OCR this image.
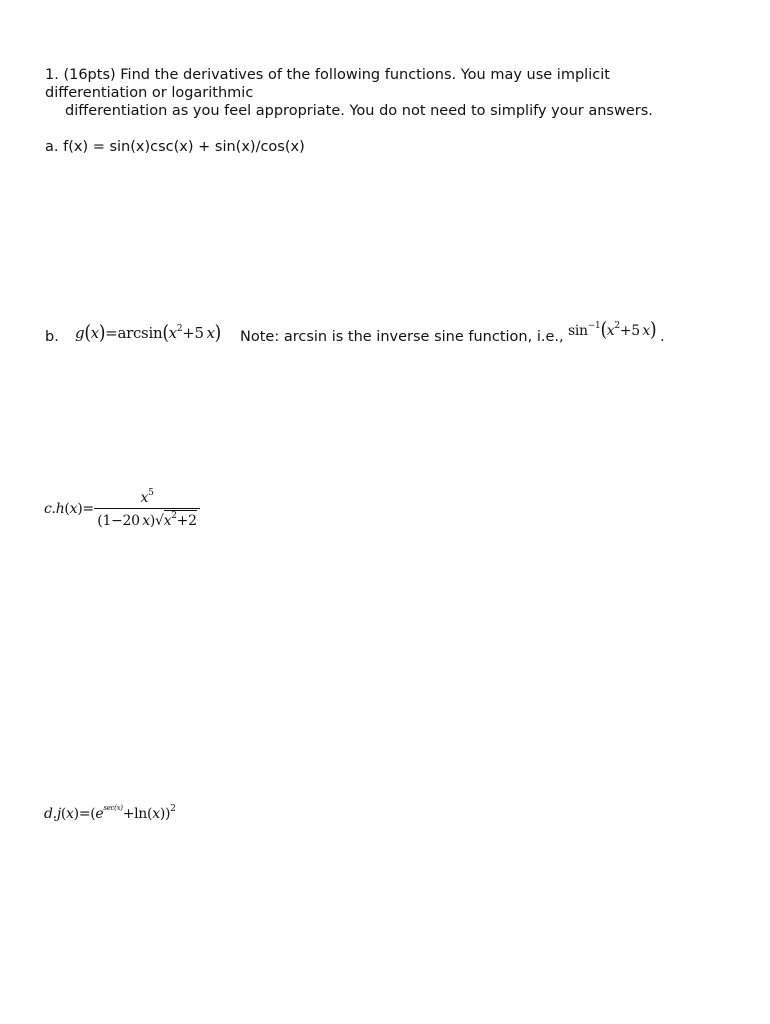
1. (16pts) Find the derivatives of the following functions. You may use implicit
differentiation or logarithmic
differentiation as you feel appropriate. You do not need to simplify your answers.
a. f(x) = sin(x)csc(x) + sin(x)/cos(x)
b. $g(x)=\arcsin(x^2+5$  x) Note: arcsin is the inverse sine function, i.e., $\sin^{-1}(x^2+5$  x) .
c.h(x)=
$x^5$
(1−20  $x)√x^2+2$
$d.j(x)=(e^{sec(x)}+\ln(x))^2$
